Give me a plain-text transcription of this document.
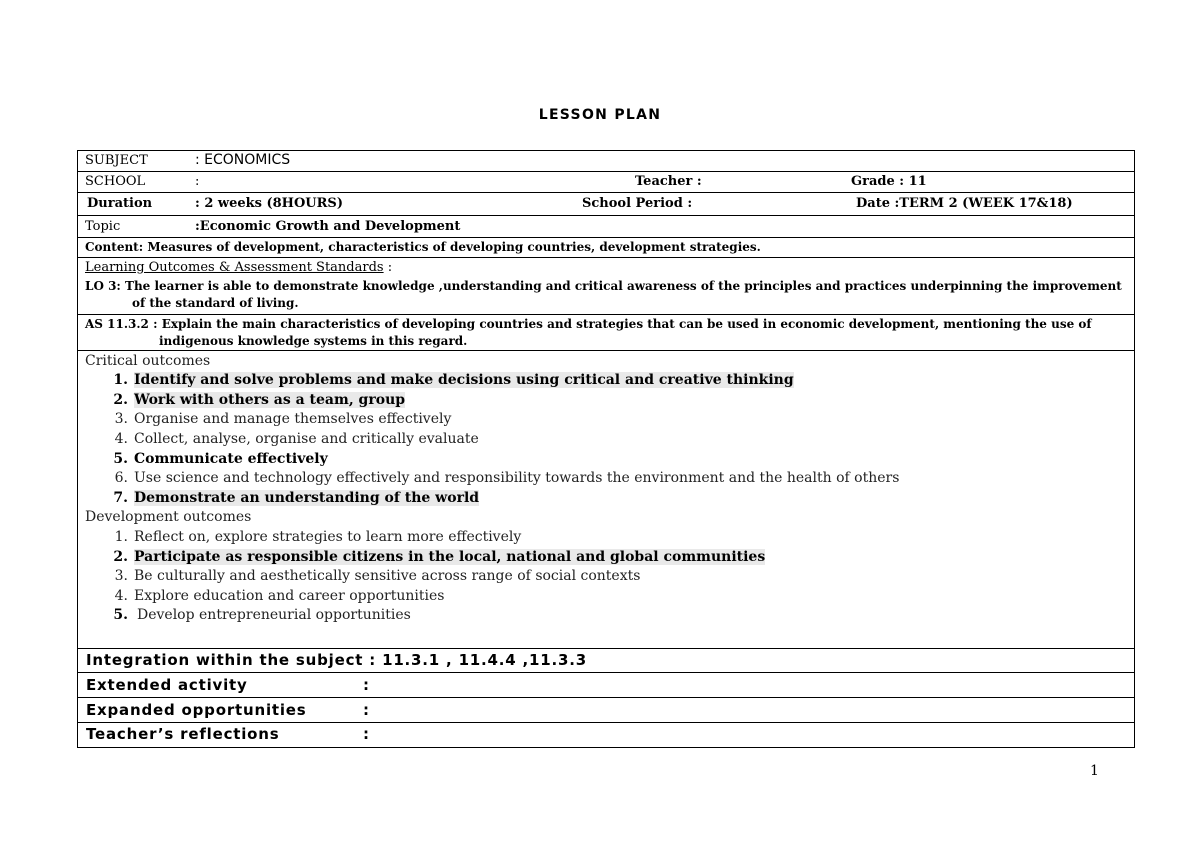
LESSON PLAN
SUBJECT	: ECONOMICS
SCHOOL	:	Teacher :	Grade : 11
Duration	: 2 weeks (8HOURS)	School Period :	Date :TERM 2 (WEEK 17&18)
Topic	:Economic Growth and Development
Content: Measures of development, characteristics of developing countries, development strategies.
Learning Outcomes & Assessment Standards :
LO 3: The learner is able to demonstrate knowledge ,understanding and critical awareness of the principles and practices underpinning the improvement
of the standard of living.
AS 11.3.2 : Explain the main characteristics of developing countries and strategies that can be used in economic development, mentioning the use of
indigenous knowledge systems in this regard.
Critical outcomes
1. Identify and solve problems and make decisions using critical and creative thinking
2. Work with others as a team, group
3. Organise and manage themselves effectively
4. Collect, analyse, organise and critically evaluate
5. Communicate effectively
6. Use science and technology effectively and responsibility towards the environment and the health of others
7. Demonstrate an understanding of the world
Development outcomes
1. Reflect on, explore strategies to learn more effectively
2. Participate as responsible citizens in the local, national and global communities
3. Be culturally and aesthetically sensitive across range of social contexts
4. Explore education and career opportunities
5. Develop entrepreneurial opportunities
Integration within the subject : 11.3.1 , 11.4.4 ,11.3.3
Extended activity	:
Expanded opportunities	:
Teacher’s reflections	:
1
